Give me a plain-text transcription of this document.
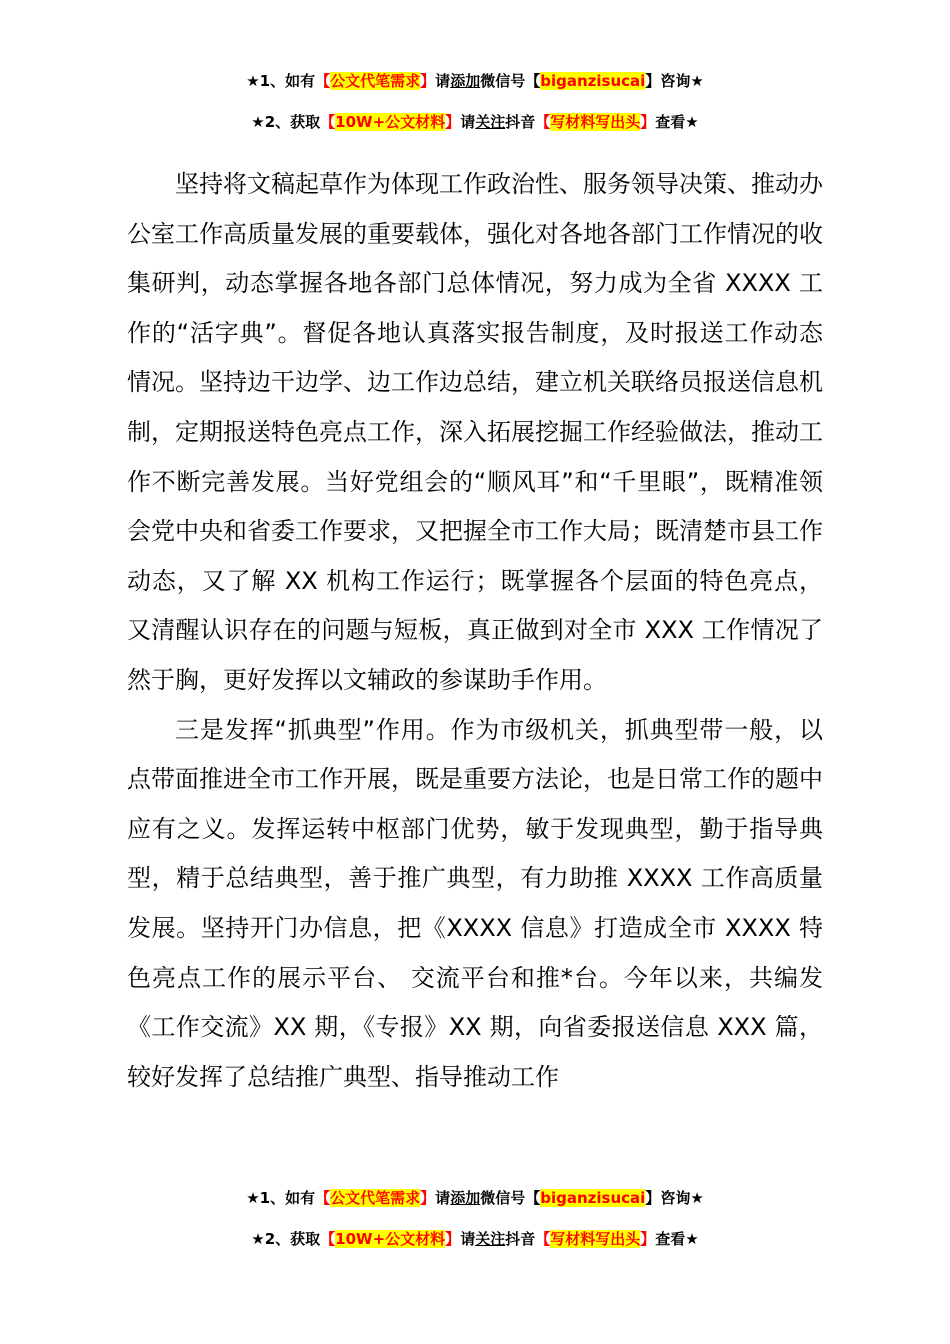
★1、如有【公文代笔需求】请添加微信号【biganzisucai】咨询★
★2、获取【10W+公文材料】请关注抖音【写材料写出头】查看★

坚持将文稿起草作为体现工作政治性、服务领导决策、推动办公室工作高质量发展的重要载体，强化对各地各部门工作情况的收集研判，动态掌握各地各部门总体情况，努力成为全省 XXXX 工作的“活字典”。督促各地认真落实报告制度，及时报送工作动态情况。坚持边干边学、边工作边总结，建立机关联络员报送信息机制，定期报送特色亮点工作，深入拓展挖掘工作经验做法，推动工作不断完善发展。当好党组会的“顺风耳”和“千里眼”，既精准领会党中央和省委工作要求，又把握全市工作大局；既清楚市县工作动态，又了解 XX 机构工作运行；既掌握各个层面的特色亮点，又清醒认识存在的问题与短板，真正做到对全市 XXX 工作情况了然于胸，更好发挥以文辅政的参谋助手作用。

三是发挥“抓典型”作用。作为市级机关，抓典型带一般，以点带面推进全市工作开展，既是重要方法论，也是日常工作的题中应有之义。发挥运转中枢部门优势，敏于发现典型，勤于指导典型，精于总结典型，善于推广典型，有力助推 XXXX 工作高质量发展。坚持开门办信息，把《XXXX 信息》打造成全市 XXXX 特色亮点工作的展示平台、 交流平台和推*台。今年以来，共编发《工作交流》XX 期，《专报》XX 期，向省委报送信息 XXX 篇，较好发挥了总结推广典型、指导推动工作

★1、如有【公文代笔需求】请添加微信号【biganzisucai】咨询★
★2、获取【10W+公文材料】请关注抖音【写材料写出头】查看★
